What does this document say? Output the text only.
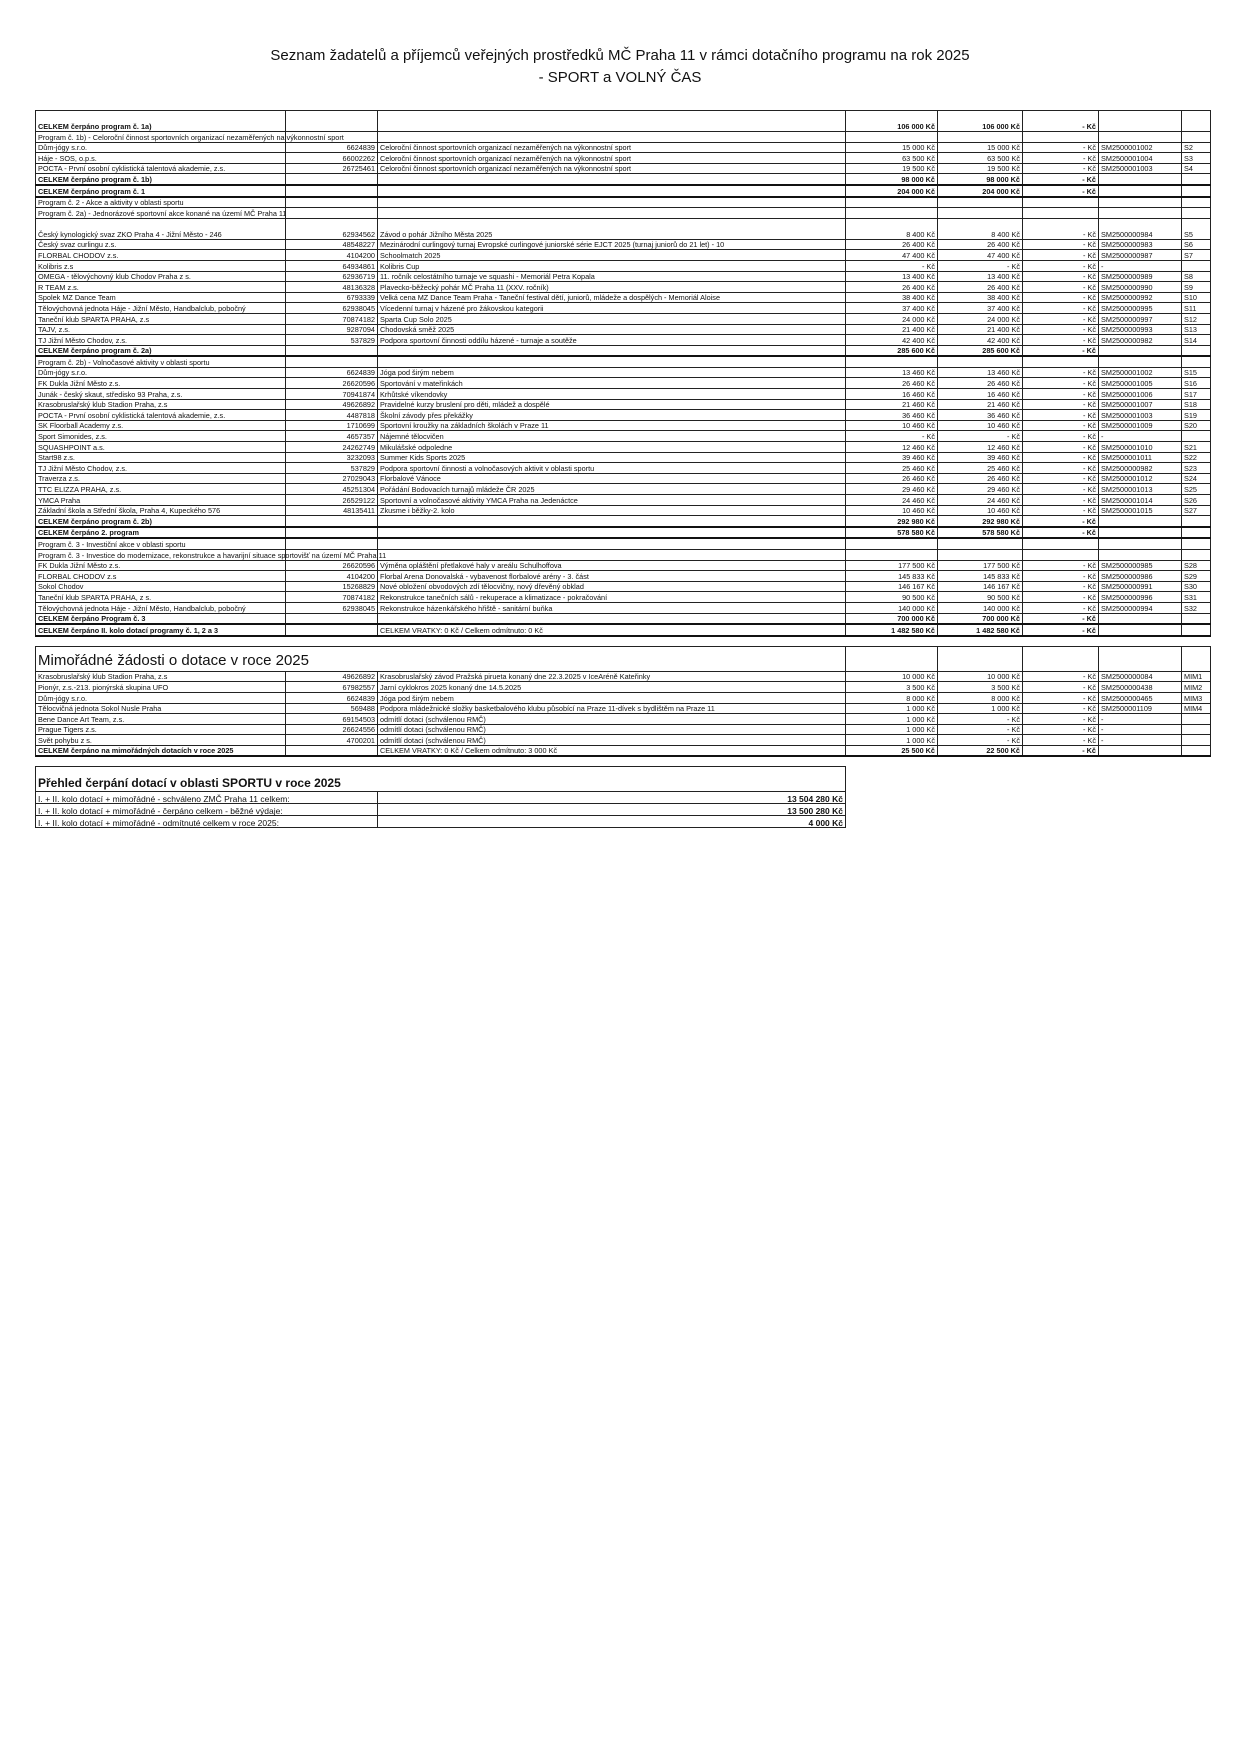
Seznam žadatelů a příjemců veřejných prostředků MČ Praha 11 v rámci dotačního programu na rok 2025
- SPORT a VOLNÝ ČAS
CELKEM čerpáno program č. 1a)			106 000 Kč	106 000 Kč	- Kč		
Program č. 1b) - Celoroční činnost sportovních organizací nezaměřených na výkonnostní sport							
Dům-jógy s.r.o.	6624839	Celoroční činnost sportovních organizací nezaměřených na výkonnostní sport	15 000 Kč	15 000 Kč	- Kč	SM2500001002	S2
Háje - SOS, o.p.s.	66002262	Celoroční činnost sportovních organizací nezaměřených na výkonnostní sport	63 500 Kč	63 500 Kč	- Kč	SM2500001004	S3
POCTA - První osobní cyklistická talentová akademie, z.s.	26725461	Celoroční činnost sportovních organizací nezaměřených na výkonnostní sport	19 500 Kč	19 500 Kč	- Kč	SM2500001003	S4
CELKEM čerpáno program č. 1b)			98 000 Kč	98 000 Kč	- Kč		
CELKEM čerpáno program č. 1			204 000 Kč	204 000 Kč	- Kč		
Program č. 2 - Akce a aktivity v oblasti sportu							
Program č. 2a) - Jednorázové sportovní akce konané na území MČ Praha 11							
Český kynologický svaz ZKO Praha 4 - Jižní Město - 246	62934562	Závod o pohár Jižního Města 2025	8 400 Kč	8 400 Kč	- Kč	SM2500000984	S5
Český svaz curlingu z.s.	48548227	Mezinárodní curlingový turnaj Evropské curlingové juniorské série EJCT 2025 (turnaj juniorů do 21 let) - 10	26 400 Kč	26 400 Kč	- Kč	SM2500000983	S6
FLORBAL CHODOV z.s.	4104200	Schoolmatch 2025	47 400 Kč	47 400 Kč	- Kč	SM2500000987	S7
Kolibris z.s	64934861	Kolibris Cup	- Kč	- Kč	- Kč	-	
OMEGA - tělovýchovný klub Chodov Praha z s.	62936719	11. ročník celostátního turnaje ve squashi - Memoriál Petra Kopala	13 400 Kč	13 400 Kč	- Kč	SM2500000989	S8
R TEAM z.s.	48136328	Plavecko-běžecký pohár MČ Praha 11 (XXV. ročník)	26 400 Kč	26 400 Kč	- Kč	SM2500000990	S9
Spolek MZ Dance Team	6793339	Velká cena MZ Dance Team Praha - Taneční festival dětí, juniorů, mládeže a dospělých - Memoriál Aloise	38 400 Kč	38 400 Kč	- Kč	SM2500000992	S10
Tělovýchovná jednota Háje - Jižní Město, Handbalclub, pobočný	62938045	Vícedenní turnaj v házené pro žákovskou kategorii	37 400 Kč	37 400 Kč	- Kč	SM2500000995	S11
Taneční klub SPARTA PRAHA, z.s	70874182	Sparta Cup Solo 2025	24 000 Kč	24 000 Kč	- Kč	SM2500000997	S12
TAJV, z.s.	9287094	Chodovská směž 2025	21 400 Kč	21 400 Kč	- Kč	SM2500000993	S13
TJ Jižní Město Chodov, z.s.	537829	Podpora sportovní činnosti oddílu házené - turnaje a soutěže	42 400 Kč	42 400 Kč	- Kč	SM2500000982	S14
CELKEM čerpáno program č. 2a)			285 600 Kč	285 600 Kč	- Kč		
Program č. 2b) - Volnočasové aktivity v oblasti sportu							
Dům-jógy s.r.o.	6624839	Jóga pod širým nebem	13 460 Kč	13 460 Kč	- Kč	SM2500001002	S15
FK Dukla Jižní Město z.s.	26620596	Sportování v mateřinkách	26 460 Kč	26 460 Kč	- Kč	SM2500001005	S16
Junák - český skaut, středisko 93 Praha, z.s.	70941874	Krhůtské víkendovky	16 460 Kč	16 460 Kč	- Kč	SM2500001006	S17
Krasobruslařský klub Stadion Praha, z.s	49626892	Pravidelné kurzy bruslení pro děti, mládež a dospělé	21 460 Kč	21 460 Kč	- Kč	SM2500001007	S18
POCTA - První osobní cyklistická talentová akademie, z.s.	4487818	Školní závody přes překážky	36 460 Kč	36 460 Kč	- Kč	SM2500001003	S19
SK Floorball Academy z.s.	1710699	Sportovní kroužky na základních školách v Praze 11	10 460 Kč	10 460 Kč	- Kč	SM2500001009	S20
Sport Simonides, z.s.	4657357	Nájemné tělocvičen	- Kč	- Kč	- Kč	-	
SQUASHPOINT a.s.	24262749	Mikulášské odpoledne	12 460 Kč	12 460 Kč	- Kč	SM2500001010	S21
Start98 z.s.	3232093	Summer Kids Sports 2025	39 460 Kč	39 460 Kč	- Kč	SM2500001011	S22
TJ Jižní Město Chodov, z.s.	537829	Podpora sportovní činnosti a volnočasových aktivit v oblasti sportu	25 460 Kč	25 460 Kč	- Kč	SM2500000982	S23
Traverza z.s.	27029043	Florbalové Vánoce	26 460 Kč	26 460 Kč	- Kč	SM2500001012	S24
TTC ELIZZA PRAHA, z.s.	45251304	Pořádání Bodovacích turnajů mládeže ČR 2025	29 460 Kč	29 460 Kč	- Kč	SM2500001013	S25
YMCA Praha	26529122	Sportovní a volnočasové aktivity YMCA Praha na Jedenáctce	24 460 Kč	24 460 Kč	- Kč	SM2500001014	S26
Základní škola a Střední škola, Praha 4, Kupeckého 576	48135411	Zkusme i běžky-2. kolo	10 460 Kč	10 460 Kč	- Kč	SM2500001015	S27
CELKEM čerpáno program č. 2b)			292 980 Kč	292 980 Kč	- Kč		
CELKEM čerpáno 2. program			578 580 Kč	578 580 Kč	- Kč		
Program č. 3 - Investiční akce v oblasti sportu							
Program č. 3 - Investice do modernizace, rekonstrukce a havarijní situace sportovišť na území MČ Praha 11							
FK Dukla Jižní Město z.s.	26620596	Výměna opláštění přetlakové haly v areálu Schulhoffova	177 500 Kč	177 500 Kč	- Kč	SM2500000985	S28
FLORBAL CHODOV z.s	4104200	Florbal Arena Donovalská - vybavenost florbalové arény - 3. část	145 833 Kč	145 833 Kč	- Kč	SM2500000986	S29
Sokol Chodov	15268829	Nové obložení obvodových zdí tělocvičny, nový dřevěný obklad	146 167 Kč	146 167 Kč	- Kč	SM2500000991	S30
Taneční klub SPARTA PRAHA, z s.	70874182	Rekonstrukce tanečních sálů - rekuperace a klimatizace - pokračování	90 500 Kč	90 500 Kč	- Kč	SM2500000996	S31
Tělovýchovná jednota Háje - Jižní Město, Handbalclub, pobočný	62938045	Rekonstrukce házenkářského hřiště - sanitární buňka	140 000 Kč	140 000 Kč	- Kč	SM2500000994	S32
CELKEM čerpáno Program č. 3			700 000 Kč	700 000 Kč	- Kč		
CELKEM čerpáno II. kolo dotací programy č. 1, 2 a 3		CELKEM VRATKY: 0 Kč / Celkem odmítnuto: 0 Kč	1 482 580 Kč	1 482 580 Kč	- Kč		

Mimořádné žádosti o dotace v roce 2025							
Krasobruslařský klub Stadion Praha, z.s	49626892	Krasobruslařský závod Pražská pirueta konaný dne 22.3.2025 v IceAréně Kateřinky	10 000 Kč	10 000 Kč	- Kč	SM2500000084	MIM1
Pionýr, z.s.-213. pionýrská skupina UFO	67982557	Jarní cyklokros 2025 konaný dne 14.5.2025	3 500 Kč	3 500 Kč	- Kč	SM2500000438	MIM2
Dům-jógy s.r.o.	6624839	Jóga pod širým nebem	8 000 Kč	8 000 Kč	- Kč	SM2500000465	MIM3
Tělocvičná jednota Sokol Nusle Praha	569488	Podpora mládežnické složky basketbalového klubu působící na Praze 11-dívek s bydlištěm na Praze 11	1 000 Kč	1 000 Kč	- Kč	SM2500001109	MIM4
Bene Dance Art Team, z.s.	69154503	odmítlí dotaci (schválenou RMČ)	1 000 Kč	- Kč	- Kč	-	
Prague Tigers z.s.	26624556	odmítlí dotaci (schválenou RMČ)	1 000 Kč	- Kč	- Kč	-	
Svět pohybu z s.	4700201	odmítlí dotaci (schválenou RMČ)	1 000 Kč	- Kč	- Kč	-	
CELKEM čerpáno na mimořádných dotacích v roce 2025		CELKEM VRATKY: 0 Kč / Celkem odmítnuto: 3 000 Kč	25 500 Kč	22 500 Kč	- Kč		

Přehled čerpání dotací v oblasti SPORTU v roce 2025							
I. + II. kolo dotací + mimořádné - schváleno ZMČ Praha 11 celkem:		13 504 280 Kč					
I. + II. kolo dotací + mimořádné - čerpáno celkem - běžné výdaje:		13 500 280 Kč					
I. + II. kolo dotací + mimořádné - odmítnuté celkem v roce 2025:		4 000 Kč					
